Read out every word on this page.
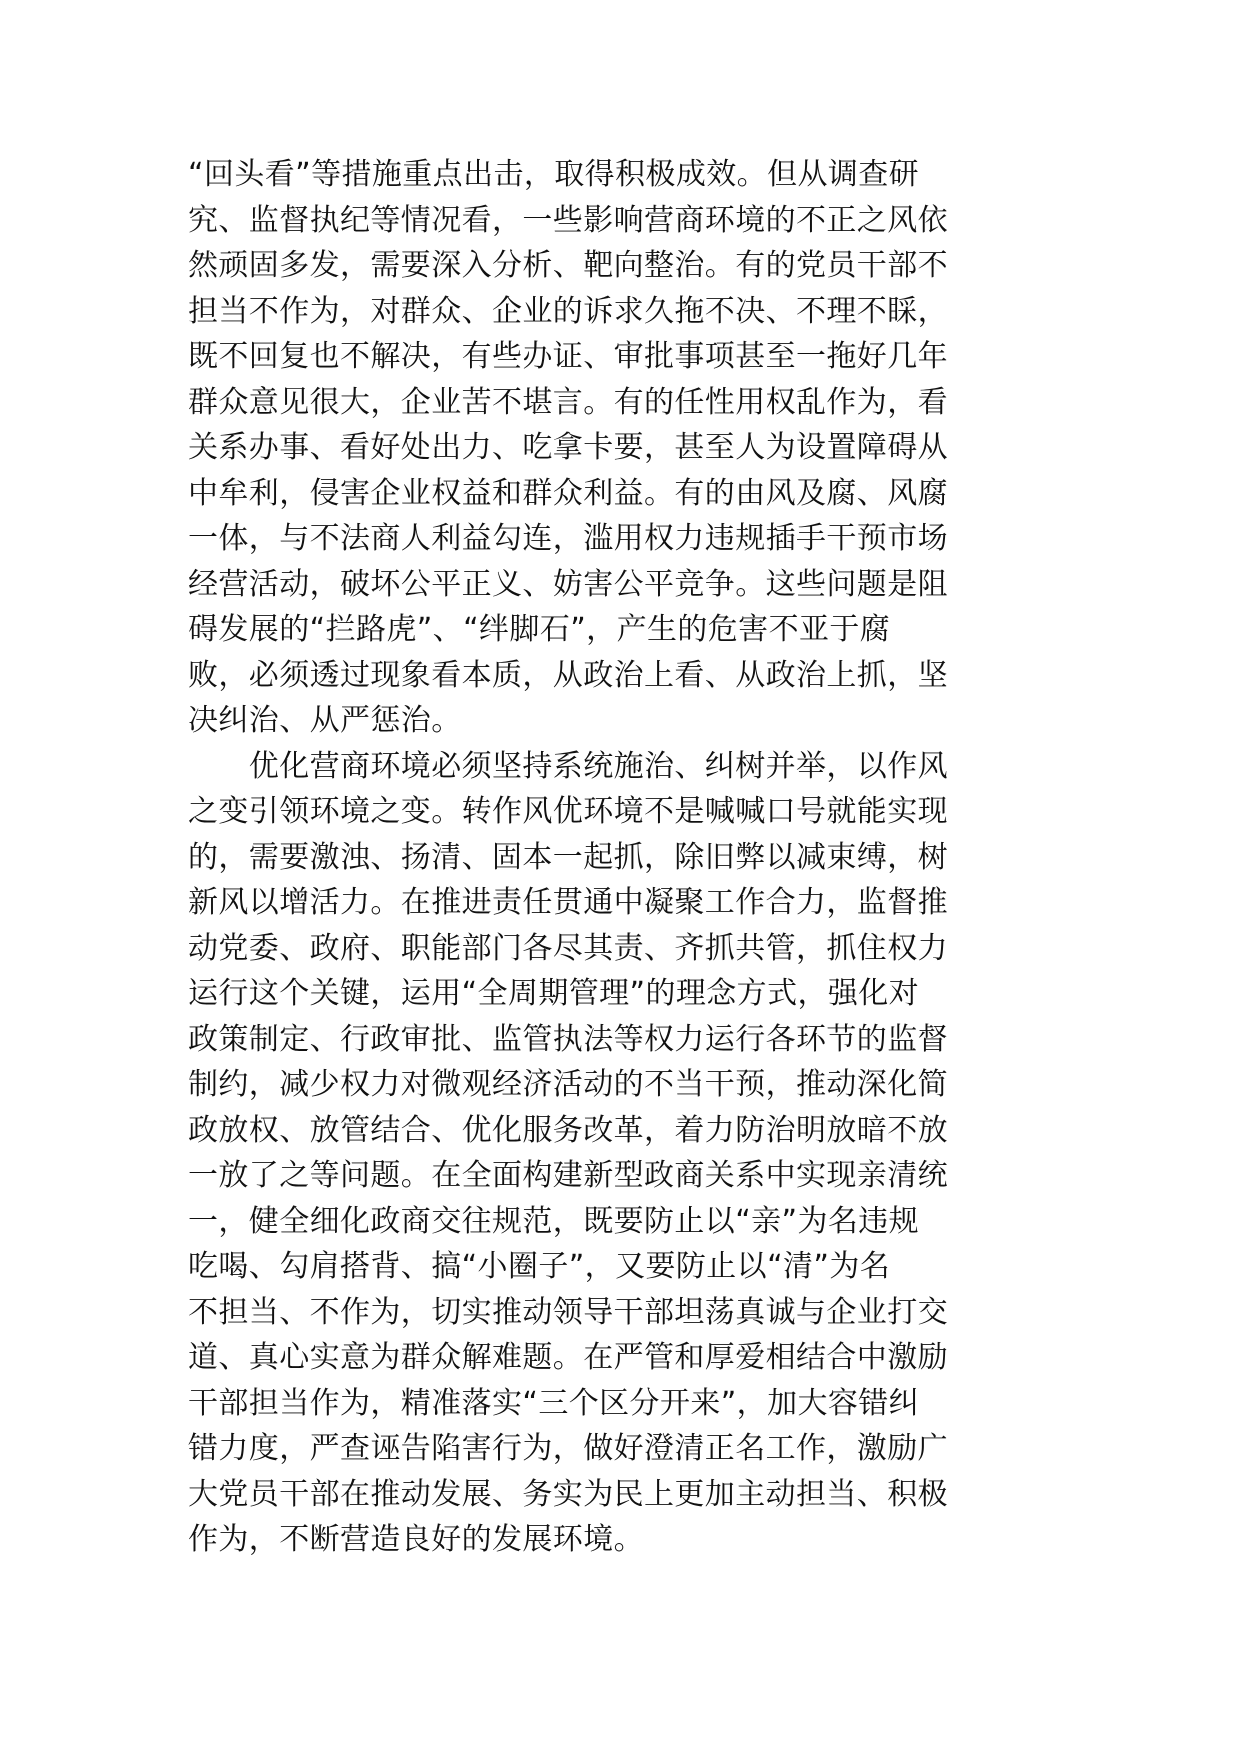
“回头看”等措施重点出击，取得积极成效。但从调查研
究、监督执纪等情况看，一些影响营商环境的不正之风依
然顽固多发，需要深入分析、靶向整治。有的党员干部不
担当不作为，对群众、企业的诉求久拖不决、不理不睬，
既不回复也不解决，有些办证、审批事项甚至一拖好几年
群众意见很大，企业苦不堪言。有的任性用权乱作为，看
关系办事、看好处出力、吃拿卡要，甚至人为设置障碍从
中牟利，侵害企业权益和群众利益。有的由风及腐、风腐
一体，与不法商人利益勾连，滥用权力违规插手干预市场
经营活动，破坏公平正义、妨害公平竞争。这些问题是阻
碍发展的“拦路虎”、“绊脚石”，产生的危害不亚于腐
败，必须透过现象看本质，从政治上看、从政治上抓，坚
决纠治、从严惩治。
　　优化营商环境必须坚持系统施治、纠树并举，以作风
之变引领环境之变。转作风优环境不是喊喊口号就能实现
的，需要激浊、扬清、固本一起抓，除旧弊以减束缚，树
新风以增活力。在推进责任贯通中凝聚工作合力，监督推
动党委、政府、职能部门各尽其责、齐抓共管，抓住权力
运行这个关键，运用“全周期管理”的理念方式，强化对
政策制定、行政审批、监管执法等权力运行各环节的监督
制约，减少权力对微观经济活动的不当干预，推动深化简
政放权、放管结合、优化服务改革，着力防治明放暗不放
一放了之等问题。在全面构建新型政商关系中实现亲清统
一，健全细化政商交往规范，既要防止以“亲”为名违规
吃喝、勾肩搭背、搞“小圈子”，又要防止以“清”为名
不担当、不作为，切实推动领导干部坦荡真诚与企业打交
道、真心实意为群众解难题。在严管和厚爱相结合中激励
干部担当作为，精准落实“三个区分开来”，加大容错纠
错力度，严查诬告陷害行为，做好澄清正名工作，激励广
大党员干部在推动发展、务实为民上更加主动担当、积极
作为，不断营造良好的发展环境。
